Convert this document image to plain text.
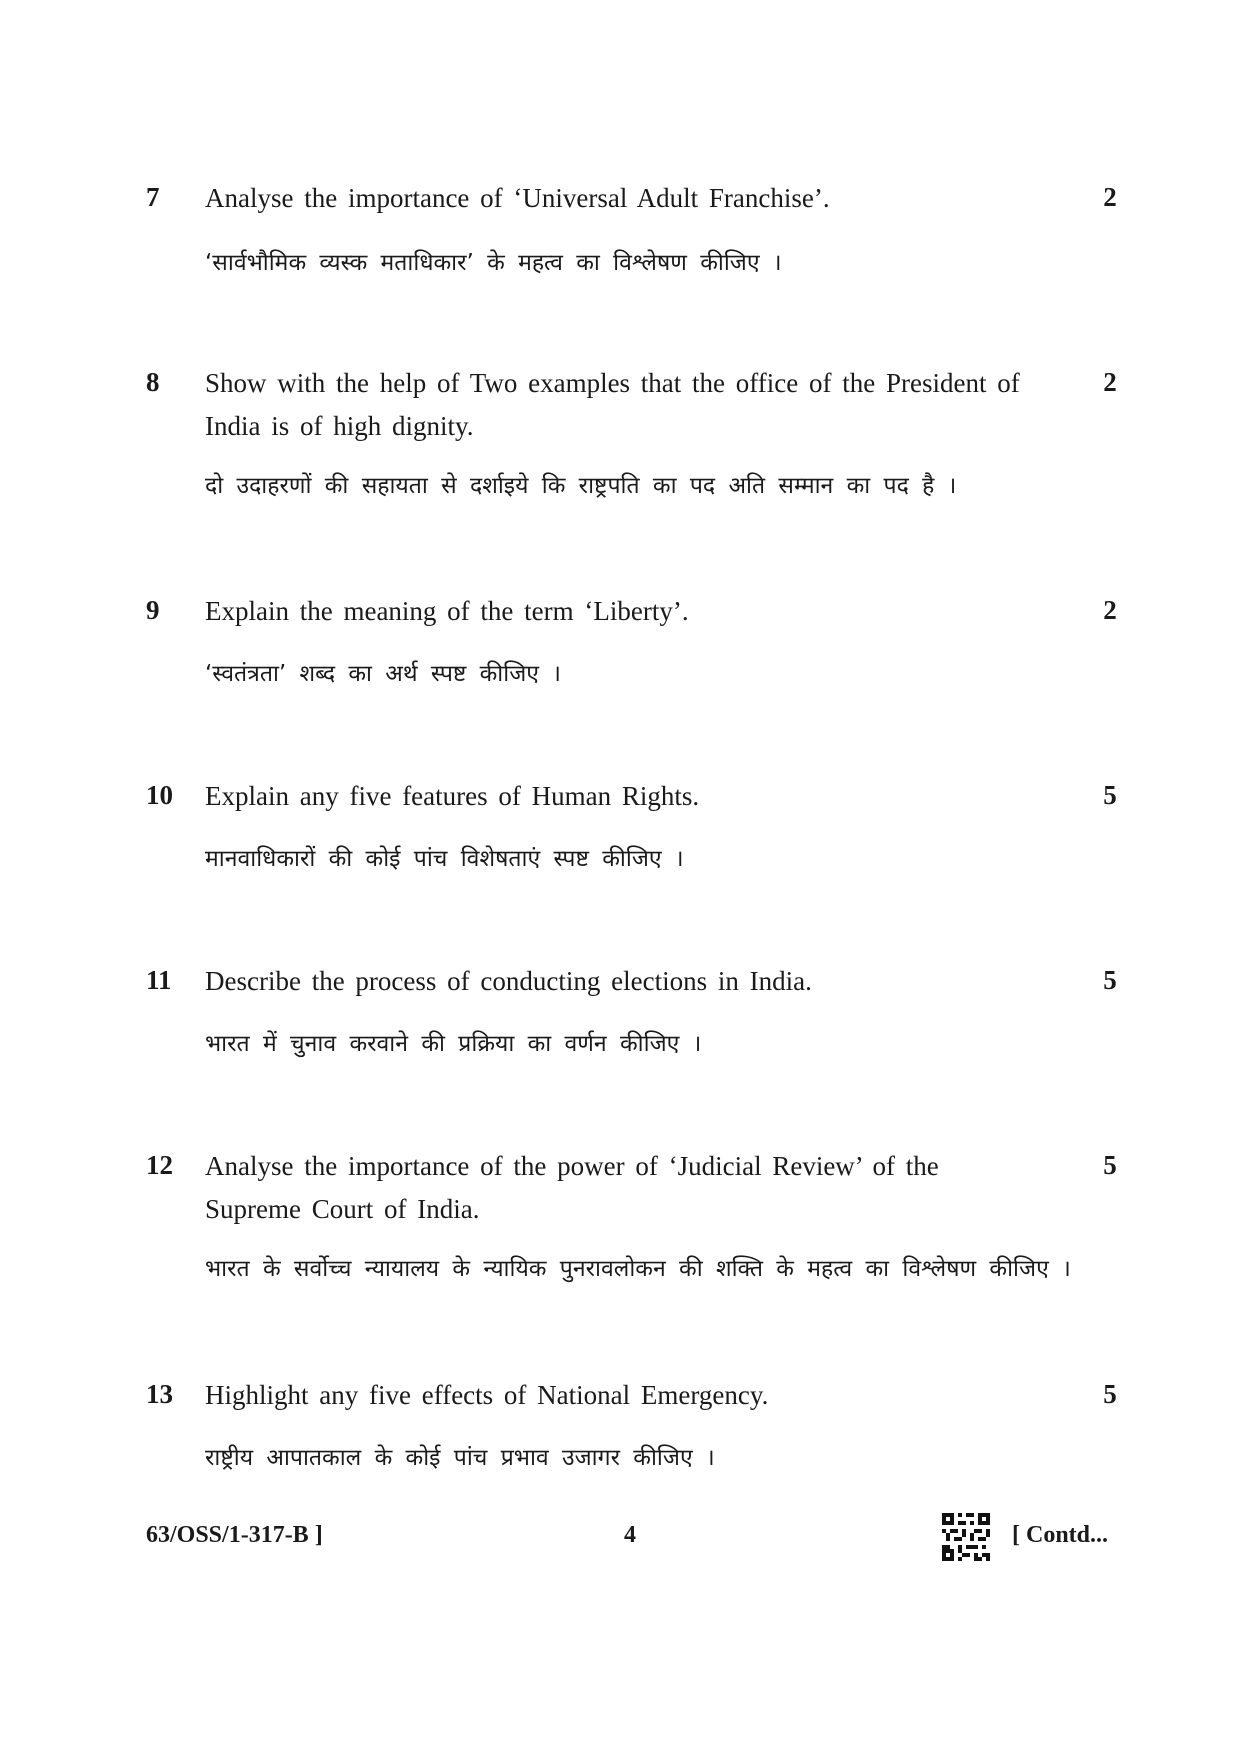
7 Analyse the importance of ‘Universal Adult Franchise’.
‘सार्वभौमिक व्यस्क मताधिकार’ के महत्व का विश्लेषण कीजिए ।
2
8 Show with the help of Two examples that the office of the President of India is of high dignity.
दो उदाहरणों की सहायता से दर्शाइये कि राष्ट्रपति का पद अति सम्मान का पद है ।
2
9 Explain the meaning of the term ‘Liberty’.
‘स्वतंत्रता’ शब्द का अर्थ स्पष्ट कीजिए ।
2
10 Explain any five features of Human Rights.
मानवाधिकारों की कोई पांच विशेषताएं स्पष्ट कीजिए ।
5
11 Describe the process of conducting elections in India.
भारत में चुनाव करवाने की प्रक्रिया का वर्णन कीजिए ।
5
12 Analyse the importance of the power of ‘Judicial Review’ of the Supreme Court of India.
भारत के सर्वोच्च न्यायालय के न्यायिक पुनरावलोकन की शक्ति के महत्व का विश्लेषण कीजिए ।
5
13 Highlight any five effects of National Emergency.
राष्ट्रीय आपातकाल के कोई पांच प्रभाव उजागर कीजिए ।
5
63/OSS/1-317-B ]	4	[ Contd...
